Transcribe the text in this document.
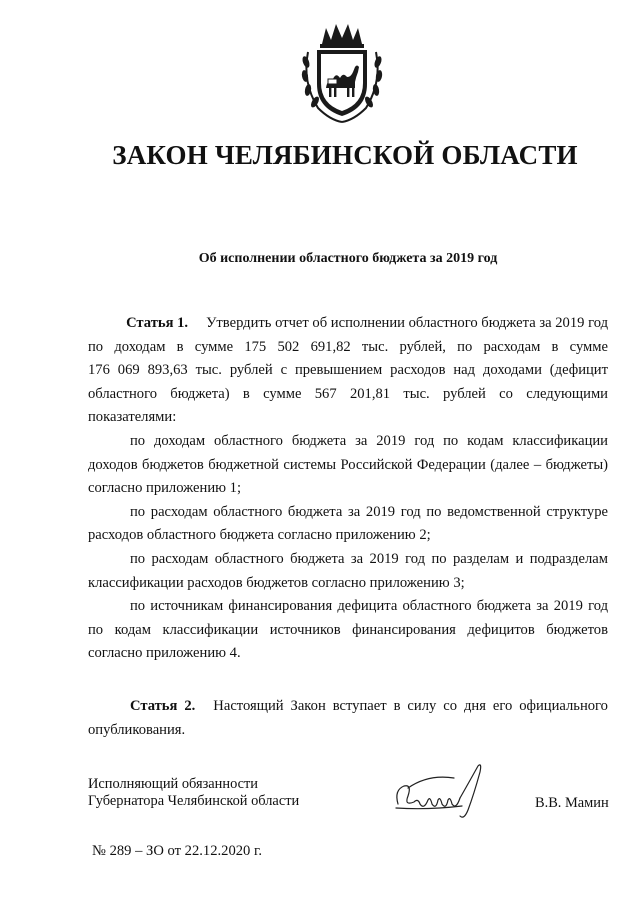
ЗАКОН ЧЕЛЯБИНСКОЙ ОБЛАСТИ
Об исполнении областного бюджета за 2019 год
Статья 1. Утвердить отчет об исполнении областного бюджета за 2019 год

по доходам в сумме 175 502 691,82 тыс. рублей, по расходам в сумме

176 069 893,63 тыс. рублей с превышением расходов над доходами (дефицит областного бюджета) в сумме 567 201,81 тыс. рублей со следующими показателями:

по доходам областного бюджета за 2019 год по кодам классификации доходов бюджетов бюджетной системы Российской Федерации (далее – бюджеты) согласно приложению 1;

по расходам областного бюджета за 2019 год по ведомственной структуре расходов областного бюджета согласно приложению 2;

по расходам областного бюджета за 2019 год по разделам и подразделам классификации расходов бюджетов согласно приложению 3;

по источникам финансирования дефицита областного бюджета за 2019 год по кодам классификации источников финансирования дефицитов бюджетов согласно приложению 4.

Статья 2. Настоящий Закон вступает в силу со дня его официального опубликования.

Исполняющий обязанности
Губернатора Челябинской области	В.В. Мамин
№ 289 – ЗО от 22.12.2020 г.
